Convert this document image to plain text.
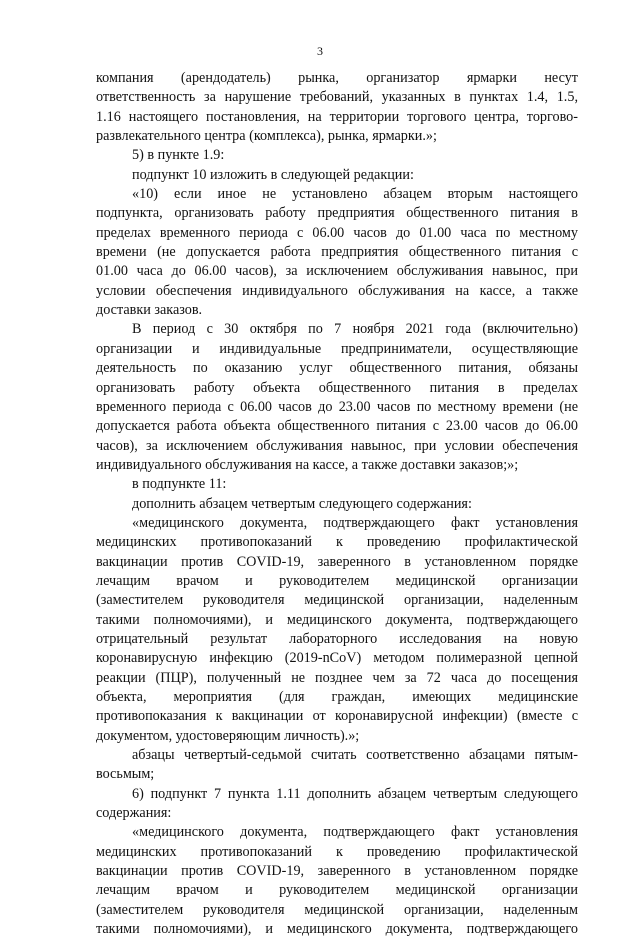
3
компания (арендодатель) рынка, организатор ярмарки несут
ответственность за нарушение требований, указанных в пунктах 1.4, 1.5,
1.16 настоящего постановления, на территории торгового центра, торгово-
развлекательного центра (комплекса), рынка, ярмарки.»;
5) в пункте 1.9:
подпункт 10 изложить в следующей редакции:
«10) если иное не установлено абзацем вторым настоящего
подпункта, организовать работу предприятия общественного питания в
пределах временного периода с 06.00 часов до 01.00 часа по местному
времени (не допускается работа предприятия общественного питания с
01.00 часа до 06.00 часов), за исключением обслуживания навынос, при
условии обеспечения индивидуального обслуживания на кассе, а также
доставки заказов.
В период с 30 октября по 7 ноября 2021 года (включительно)
организации и индивидуальные предприниматели, осуществляющие
деятельность по оказанию услуг общественного питания, обязаны
организовать работу объекта общественного питания в пределах
временного периода с 06.00 часов до 23.00 часов по местному времени (не
допускается работа объекта общественного питания с 23.00 часов до 06.00
часов), за исключением обслуживания навынос, при условии обеспечения
индивидуального обслуживания на кассе, а также доставки заказов;»;
в подпункте 11:
дополнить абзацем четвертым следующего содержания:
«медицинского документа, подтверждающего факт установления
медицинских противопоказаний к проведению профилактической
вакцинации против COVID-19, заверенного в установленном порядке
лечащим врачом и руководителем медицинской организации
(заместителем руководителя медицинской организации, наделенным
такими полномочиями), и медицинского документа, подтверждающего
отрицательный результат лабораторного исследования на новую
коронавирусную инфекцию (2019-nCoV) методом полимеразной цепной
реакции (ПЦР), полученный не позднее чем за 72 часа до посещения
объекта, мероприятия (для граждан, имеющих медицинские
противопоказания к вакцинации от коронавирусной инфекции) (вместе с
документом, удостоверяющим личность).»;
абзацы четвертый-седьмой считать соответственно абзацами пятым-
восьмым;
6) подпункт 7 пункта 1.11 дополнить абзацем четвертым следующего
содержания:
«медицинского документа, подтверждающего факт установления
медицинских противопоказаний к проведению профилактической
вакцинации против COVID-19, заверенного в установленном порядке
лечащим врачом и руководителем медицинской организации
(заместителем руководителя медицинской организации, наделенным
такими полномочиями), и медицинского документа, подтверждающего
